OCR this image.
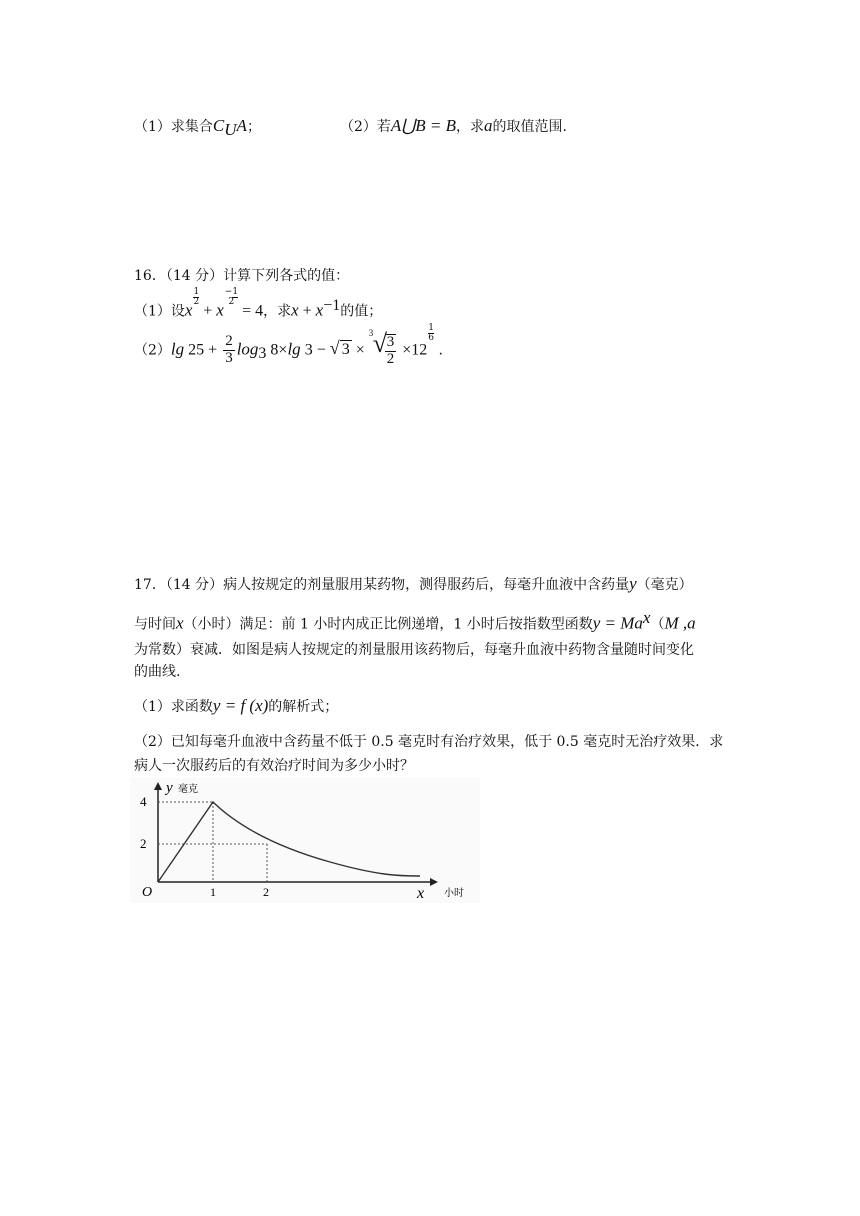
（1）求集合$C_UA$；	（2）若A⋃B = B，求a的取值范围.
16．（14 分）计算下列各式的值：
（1）设x
$\frac{1}{2}$
+ x−1
2
= 4，求$x + x^{-1}$的值；
（2）lg $25 + \frac{2}{3} \log_3 8\times\lg$ 3 − √ 3 ×
3 √
$\frac{3}{2} \times 12$
$\frac{1}{6}$
.
17．（14 分）病人按规定的剂量服用某药物，测得服药后，每毫升血液中含药量y（毫克）
与时间x（小时）满足：前 1 小时内成正比例递增，1 小时后按指数型函数$y = Ma^x(M$ ,a
为常数）衰减．如图是病人按规定的剂量服用该药物后，每毫升血液中药物含量随时间变化
的曲线.
（1）求函数y = f (x)的解析式；
（2）已知每毫升血液中含药量不低于 0.5 毫克时有治疗效果，低于 0.5 毫克时无治疗效果．求
病人一次服药后的有效治疗时间为多少小时？
y 毫克
4
2
O	1	2	x 小时
